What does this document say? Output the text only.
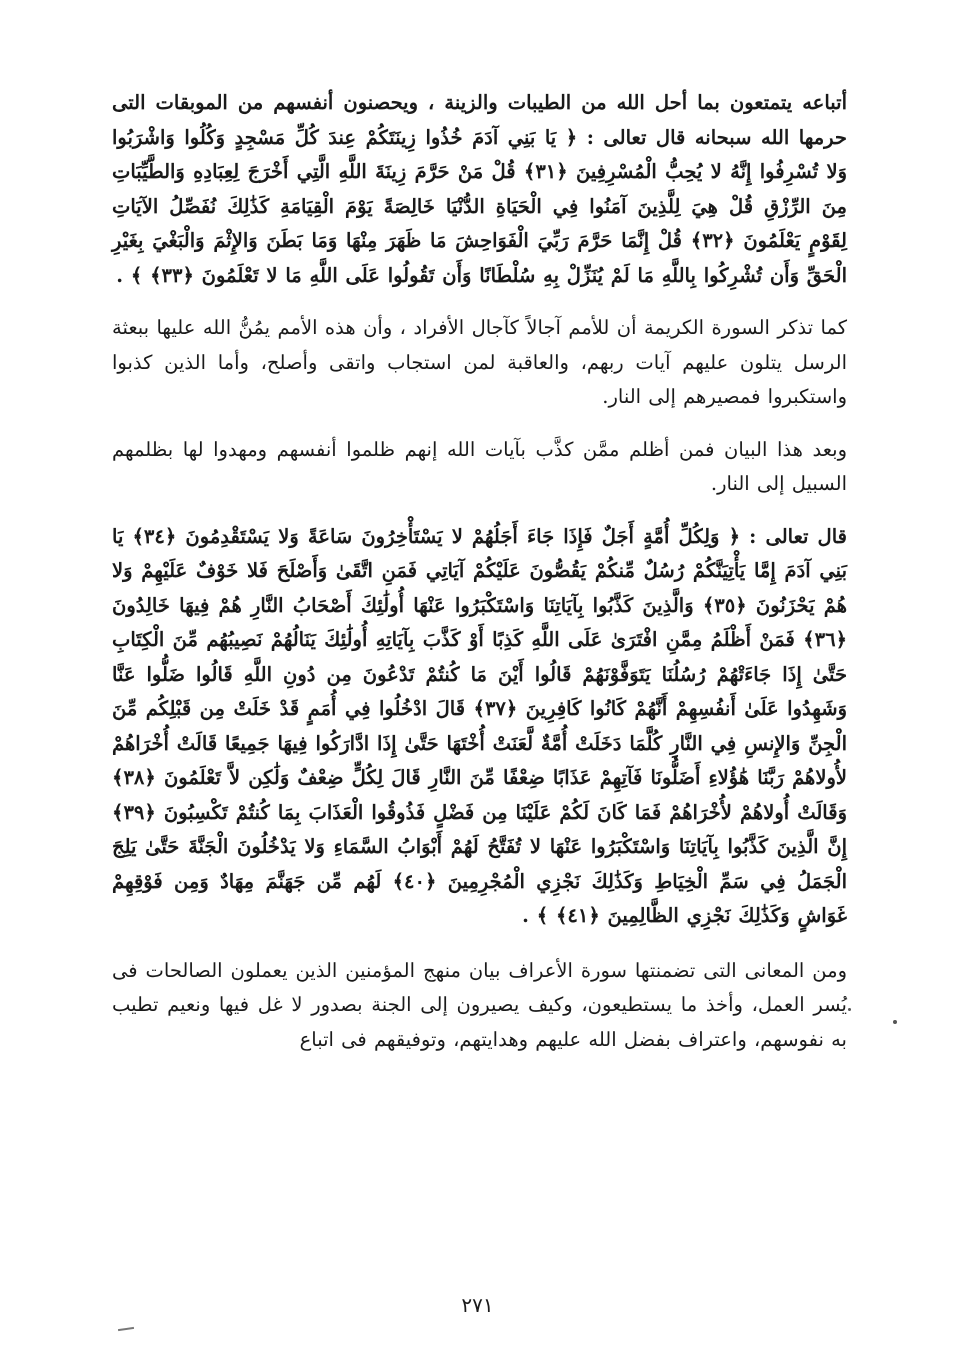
أتباعه يتمتعون بما أحل الله من الطيبات والزينة ، ويحصنون أنفسهم من الموبقات التى حرمها الله سبحانه قال تعالى : ﴿ يَا بَنِي آدَمَ خُذُوا زِينَتَكُمْ عِندَ كُلِّ مَسْجِدٍ وَكُلُوا وَاشْرَبُوا وَلا تُسْرِفُوا إِنَّهُ لا يُحِبُّ الْمُسْرِفِينَ ﴿٣١﴾ قُلْ مَنْ حَرَّمَ زِينَةَ اللَّهِ الَّتِي أَخْرَجَ لِعِبَادِهِ وَالطَّيِّبَاتِ مِنَ الرِّزْقِ قُلْ هِيَ لِلَّذِينَ آمَنُوا فِي الْحَيَاةِ الدُّنْيَا خَالِصَةً يَوْمَ الْقِيَامَةِ كَذَٰلِكَ نُفَصِّلُ الآيَاتِ لِقَوْمٍ يَعْلَمُونَ ﴿٣٢﴾ قُلْ إِنَّمَا حَرَّمَ رَبِّيَ الْفَوَاحِشَ مَا ظَهَرَ مِنْهَا وَمَا بَطَنَ وَالإِثْمَ وَالْبَغْيَ بِغَيْرِ الْحَقِّ وَأَن تُشْرِكُوا بِاللَّهِ مَا لَمْ يُنَزِّلْ بِهِ سُلْطَانًا وَأَن تَقُولُوا عَلَى اللَّهِ مَا لا تَعْلَمُونَ ﴿٣٣﴾ ﴾ .

كما تذكر السورة الكريمة أن للأمم آجالاً كآجال الأفراد ، وأن هذه الأمم يمُنُّ الله عليها ببعثة الرسل يتلون عليهم آيات ربهم، والعاقبة لمن استجاب واتقى وأصلح، وأما الذين كذبوا واستكبروا فمصيرهم إلى النار.

وبعد هذا البيان فمن أظلم ممَّن كذَّب بآيات الله إنهم ظلموا أنفسهم ومهدوا لها بظلمهم السبيل إلى النار.

قال تعالى : ﴿ وَلِكُلِّ أُمَّةٍ أَجَلٌ فَإِذَا جَاءَ أَجَلُهُمْ لا يَسْتَأْخِرُونَ سَاعَةً وَلا يَسْتَقْدِمُونَ ﴿٣٤﴾ يَا بَنِي آدَمَ إِمَّا يَأْتِيَنَّكُمْ رُسُلٌ مِّنكُمْ يَقُصُّونَ عَلَيْكُمْ آيَاتِي فَمَنِ اتَّقَىٰ وَأَصْلَحَ فَلا خَوْفٌ عَلَيْهِمْ وَلا هُمْ يَحْزَنُونَ ﴿٣٥﴾ وَالَّذِينَ كَذَّبُوا بِآيَاتِنَا وَاسْتَكْبَرُوا عَنْهَا أُولَٰئِكَ أَصْحَابُ النَّارِ هُمْ فِيهَا خَالِدُونَ ﴿٣٦﴾ فَمَنْ أَظْلَمُ مِمَّنِ افْتَرَىٰ عَلَى اللَّهِ كَذِبًا أَوْ كَذَّبَ بِآيَاتِهِ أُولَٰئِكَ يَنَالُهُمْ نَصِيبُهُم مِّنَ الْكِتَابِ حَتَّىٰ إِذَا جَاءَتْهُمْ رُسُلُنَا يَتَوَفَّوْنَهُمْ قَالُوا أَيْنَ مَا كُنتُمْ تَدْعُونَ مِن دُونِ اللَّهِ قَالُوا ضَلُّوا عَنَّا وَشَهِدُوا عَلَىٰ أَنفُسِهِمْ أَنَّهُمْ كَانُوا كَافِرِينَ ﴿٣٧﴾ قَالَ ادْخُلُوا فِي أُمَمٍ قَدْ خَلَتْ مِن قَبْلِكُم مِّنَ الْجِنِّ وَالإِنسِ فِي النَّارِ كُلَّمَا دَخَلَتْ أُمَّةٌ لَّعَنَتْ أُخْتَهَا حَتَّىٰ إِذَا ادَّارَكُوا فِيهَا جَمِيعًا قَالَتْ أُخْرَاهُمْ لأُولاهُمْ رَبَّنَا هَٰؤُلاءِ أَضَلُّونَا فَآتِهِمْ عَذَابًا ضِعْفًا مِّنَ النَّارِ قَالَ لِكُلٍّ ضِعْفٌ وَلَٰكِن لاَّ تَعْلَمُونَ ﴿٣٨﴾ وَقَالَتْ أُولاهُمْ لأُخْرَاهُمْ فَمَا كَانَ لَكُمْ عَلَيْنَا مِن فَضْلٍ فَذُوقُوا الْعَذَابَ بِمَا كُنتُمْ تَكْسِبُونَ ﴿٣٩﴾ إِنَّ الَّذِينَ كَذَّبُوا بِآيَاتِنَا وَاسْتَكْبَرُوا عَنْهَا لا تُفَتَّحُ لَهُمْ أَبْوَابُ السَّمَاءِ وَلا يَدْخُلُونَ الْجَنَّةَ حَتَّىٰ يَلِجَ الْجَمَلُ فِي سَمِّ الْخِيَاطِ وَكَذَٰلِكَ نَجْزِي الْمُجْرِمِينَ ﴿٤٠﴾ لَهُم مِّن جَهَنَّمَ مِهَادٌ وَمِن فَوْقِهِمْ غَوَاشٍ وَكَذَٰلِكَ نَجْزِي الظَّالِمِينَ ﴿٤١﴾ ﴾ .

ومن المعانى التى تضمنتها سورة الأعراف بيان منهج المؤمنين الذين يعملون الصالحات فى يُسر العمل، وأخذ ما يستطيعون، وكيف يصيرون إلى الجنة بصدور لا غل فيها ونعيم تطيب به نفوسهم، واعتراف بفضل الله عليهم وهدايتهم، وتوفيقهم فى اتباع

٢٧١
